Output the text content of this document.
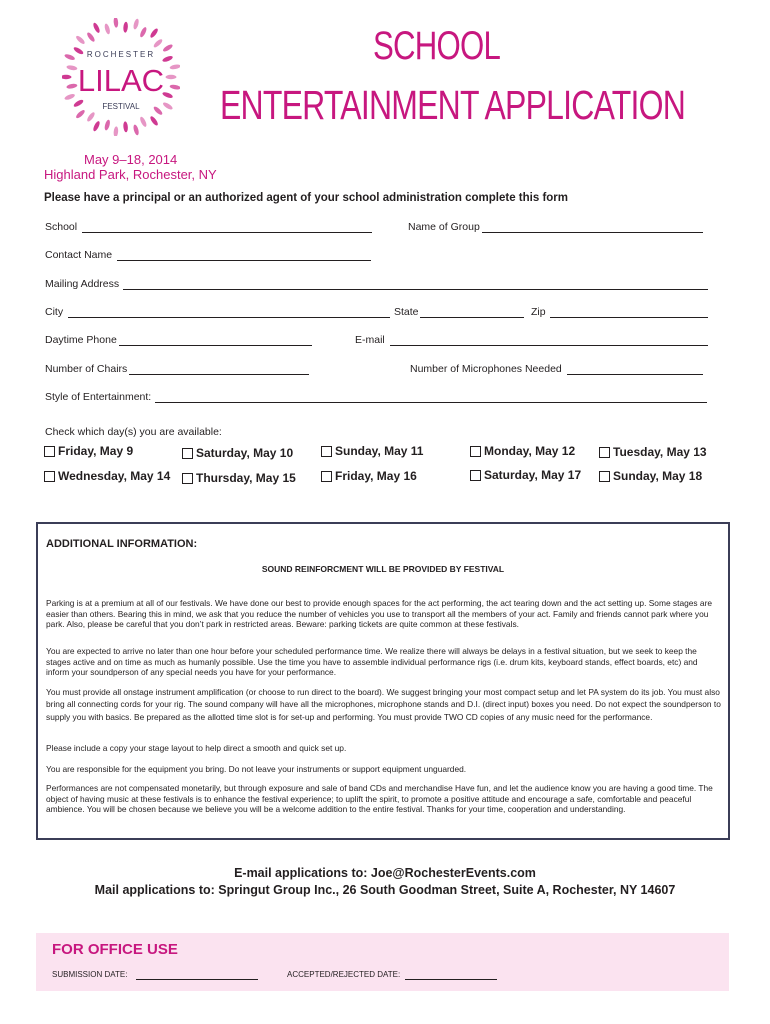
ROCHESTER
LILAC
FESTIVAL
SCHOOL
ENTERTAINMENT APPLICATION
May 9–18, 2014
Highland Park, Rochester, NY
Please have a principal or an authorized agent of your school administration complete this form
School	Name of Group
Contact Name
Mailing Address
City	State	Zip
Daytime Phone	E-mail
Number of Chairs	Number of Microphones Needed
Style of Entertainment:
Check which day(s) you are available:
Friday, May 9	Saturday, May 10	Sunday, May 11	Monday, May 12	Tuesday, May 13
Wednesday, May 14 Thursday, May 15	Friday, May 16	Saturday, May 17	Sunday, May 18
ADDITIONAL INFORMATION:
SOUND REINFORCMENT WILL BE PROVIDED BY FESTIVAL
Parking is at a premium at all of our festivals. We have done our best to provide enough spaces for the act performing, the act tearing down and the act setting up. Some stages are easier than others. Bearing this in mind, we ask that you reduce the number of vehicles you use to transport all the members of your act. Family and friends cannot park where you park. Also, please be careful that you don’t park in restricted areas. Beware: parking tickets are quite common at these festivals.
You are expected to arrive no later than one hour before your scheduled performance time. We realize there will always be delays in a festival situation, but we seek to keep the stages active and on time as much as humanly possible. Use the time you have to assemble individual performance rigs (i.e. drum kits, keyboard stands, effect boards, etc) and inform your soundperson of any special needs you have for your performance.
You must provide all onstage instrument amplification (or choose to run direct to the board). We suggest bringing your most compact setup and let PA system do its job. You must also bring all connecting cords for your rig. The sound company will have all the microphones, microphone stands and D.I. (direct input) boxes you need. Do not expect the soundperson to supply you with basics. Be prepared as the allotted time slot is for set-up and performing. You must provide TWO CD copies of any music need for the performance.
Please include a copy your stage layout to help direct a smooth and quick set up.
You are responsible for the equipment you bring. Do not leave your instruments or support equipment unguarded.
Performances are not compensated monetarily, but through exposure and sale of band CDs and merchandise Have fun, and let the audience know you are having a good time. The object of having music at these festivals is to enhance the festival experience; to uplift the spirit, to promote a positive attitude and encourage a safe, comfortable and peaceful ambience. You will be chosen because we believe you will be a welcome addition to the entire festival. Thanks for your time, cooperation and understanding.
E-mail applications to: Joe@RochesterEvents.com
Mail applications to: Springut Group Inc., 26 South Goodman Street, Suite A, Rochester, NY 14607
FOR OFFICE USE
SUBMISSION DATE:	ACCEPTED/REJECTED DATE:
